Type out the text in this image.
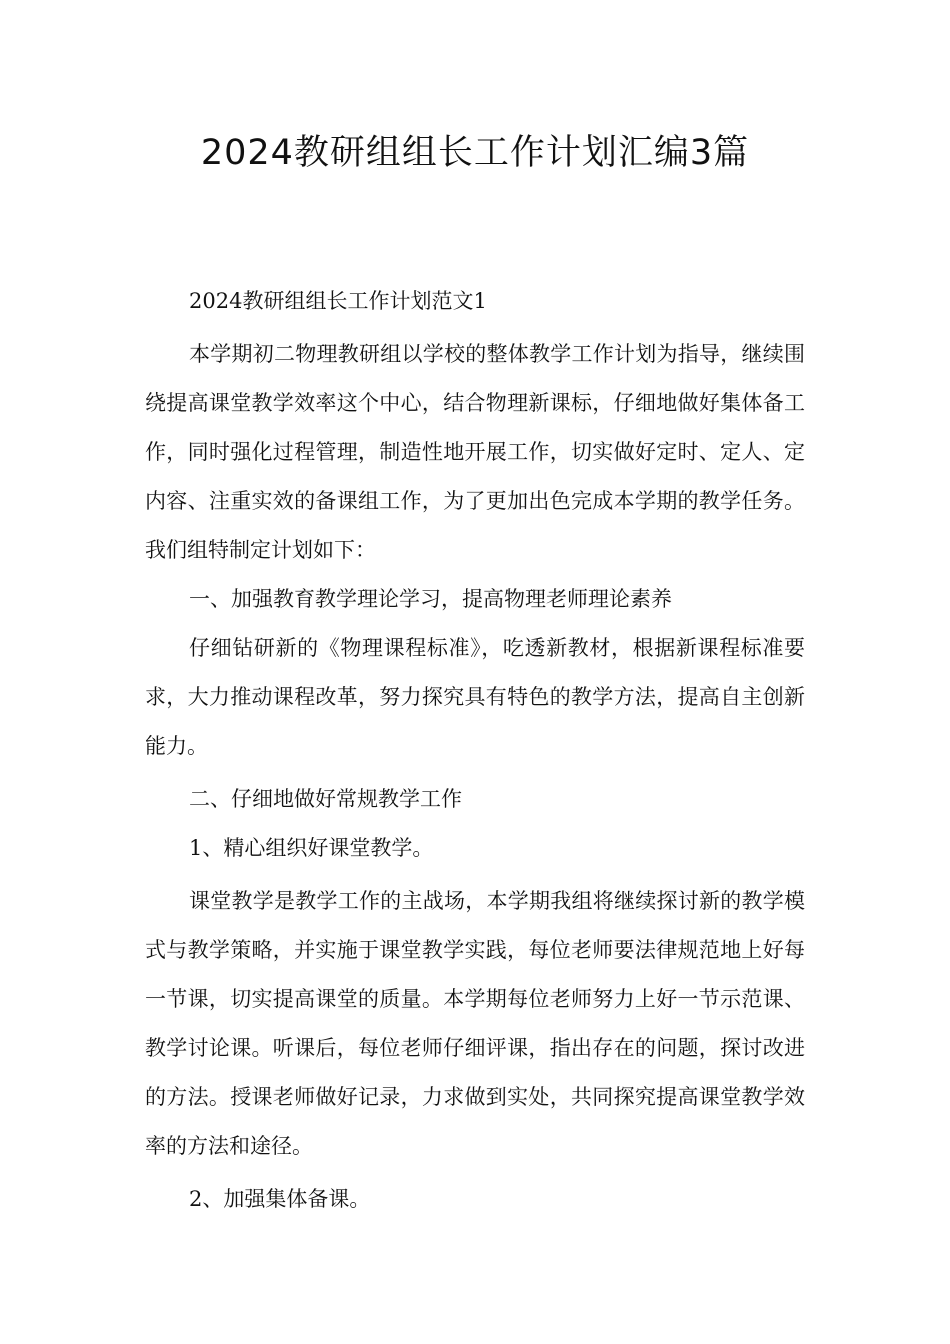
2024教研组组长工作计划汇编3篇

2024教研组组长工作计划范文1

本学期初二物理教研组以学校的整体教学工作计划为指导，继续围绕提高课堂教学效率这个中心，结合物理新课标，仔细地做好集体备工作，同时强化过程管理，制造性地开展工作，切实做好定时、定人、定内容、注重实效的备课组工作，为了更加出色完成本学期的教学任务。我们组特制定计划如下：

一、加强教育教学理论学习，提高物理老师理论素养

仔细钻研新的《物理课程标准》，吃透新教材，根据新课程标准要求，大力推动课程改革，努力探究具有特色的教学方法，提高自主创新能力。

二、仔细地做好常规教学工作

1、精心组织好课堂教学。

课堂教学是教学工作的主战场，本学期我组将继续探讨新的教学模式与教学策略，并实施于课堂教学实践，每位老师要法律规范地上好每一节课，切实提高课堂的质量。本学期每位老师努力上好一节示范课、教学讨论课。听课后，每位老师仔细评课，指出存在的问题，探讨改进的方法。授课老师做好记录，力求做到实处，共同探究提高课堂教学效率的方法和途径。

2、加强集体备课。
